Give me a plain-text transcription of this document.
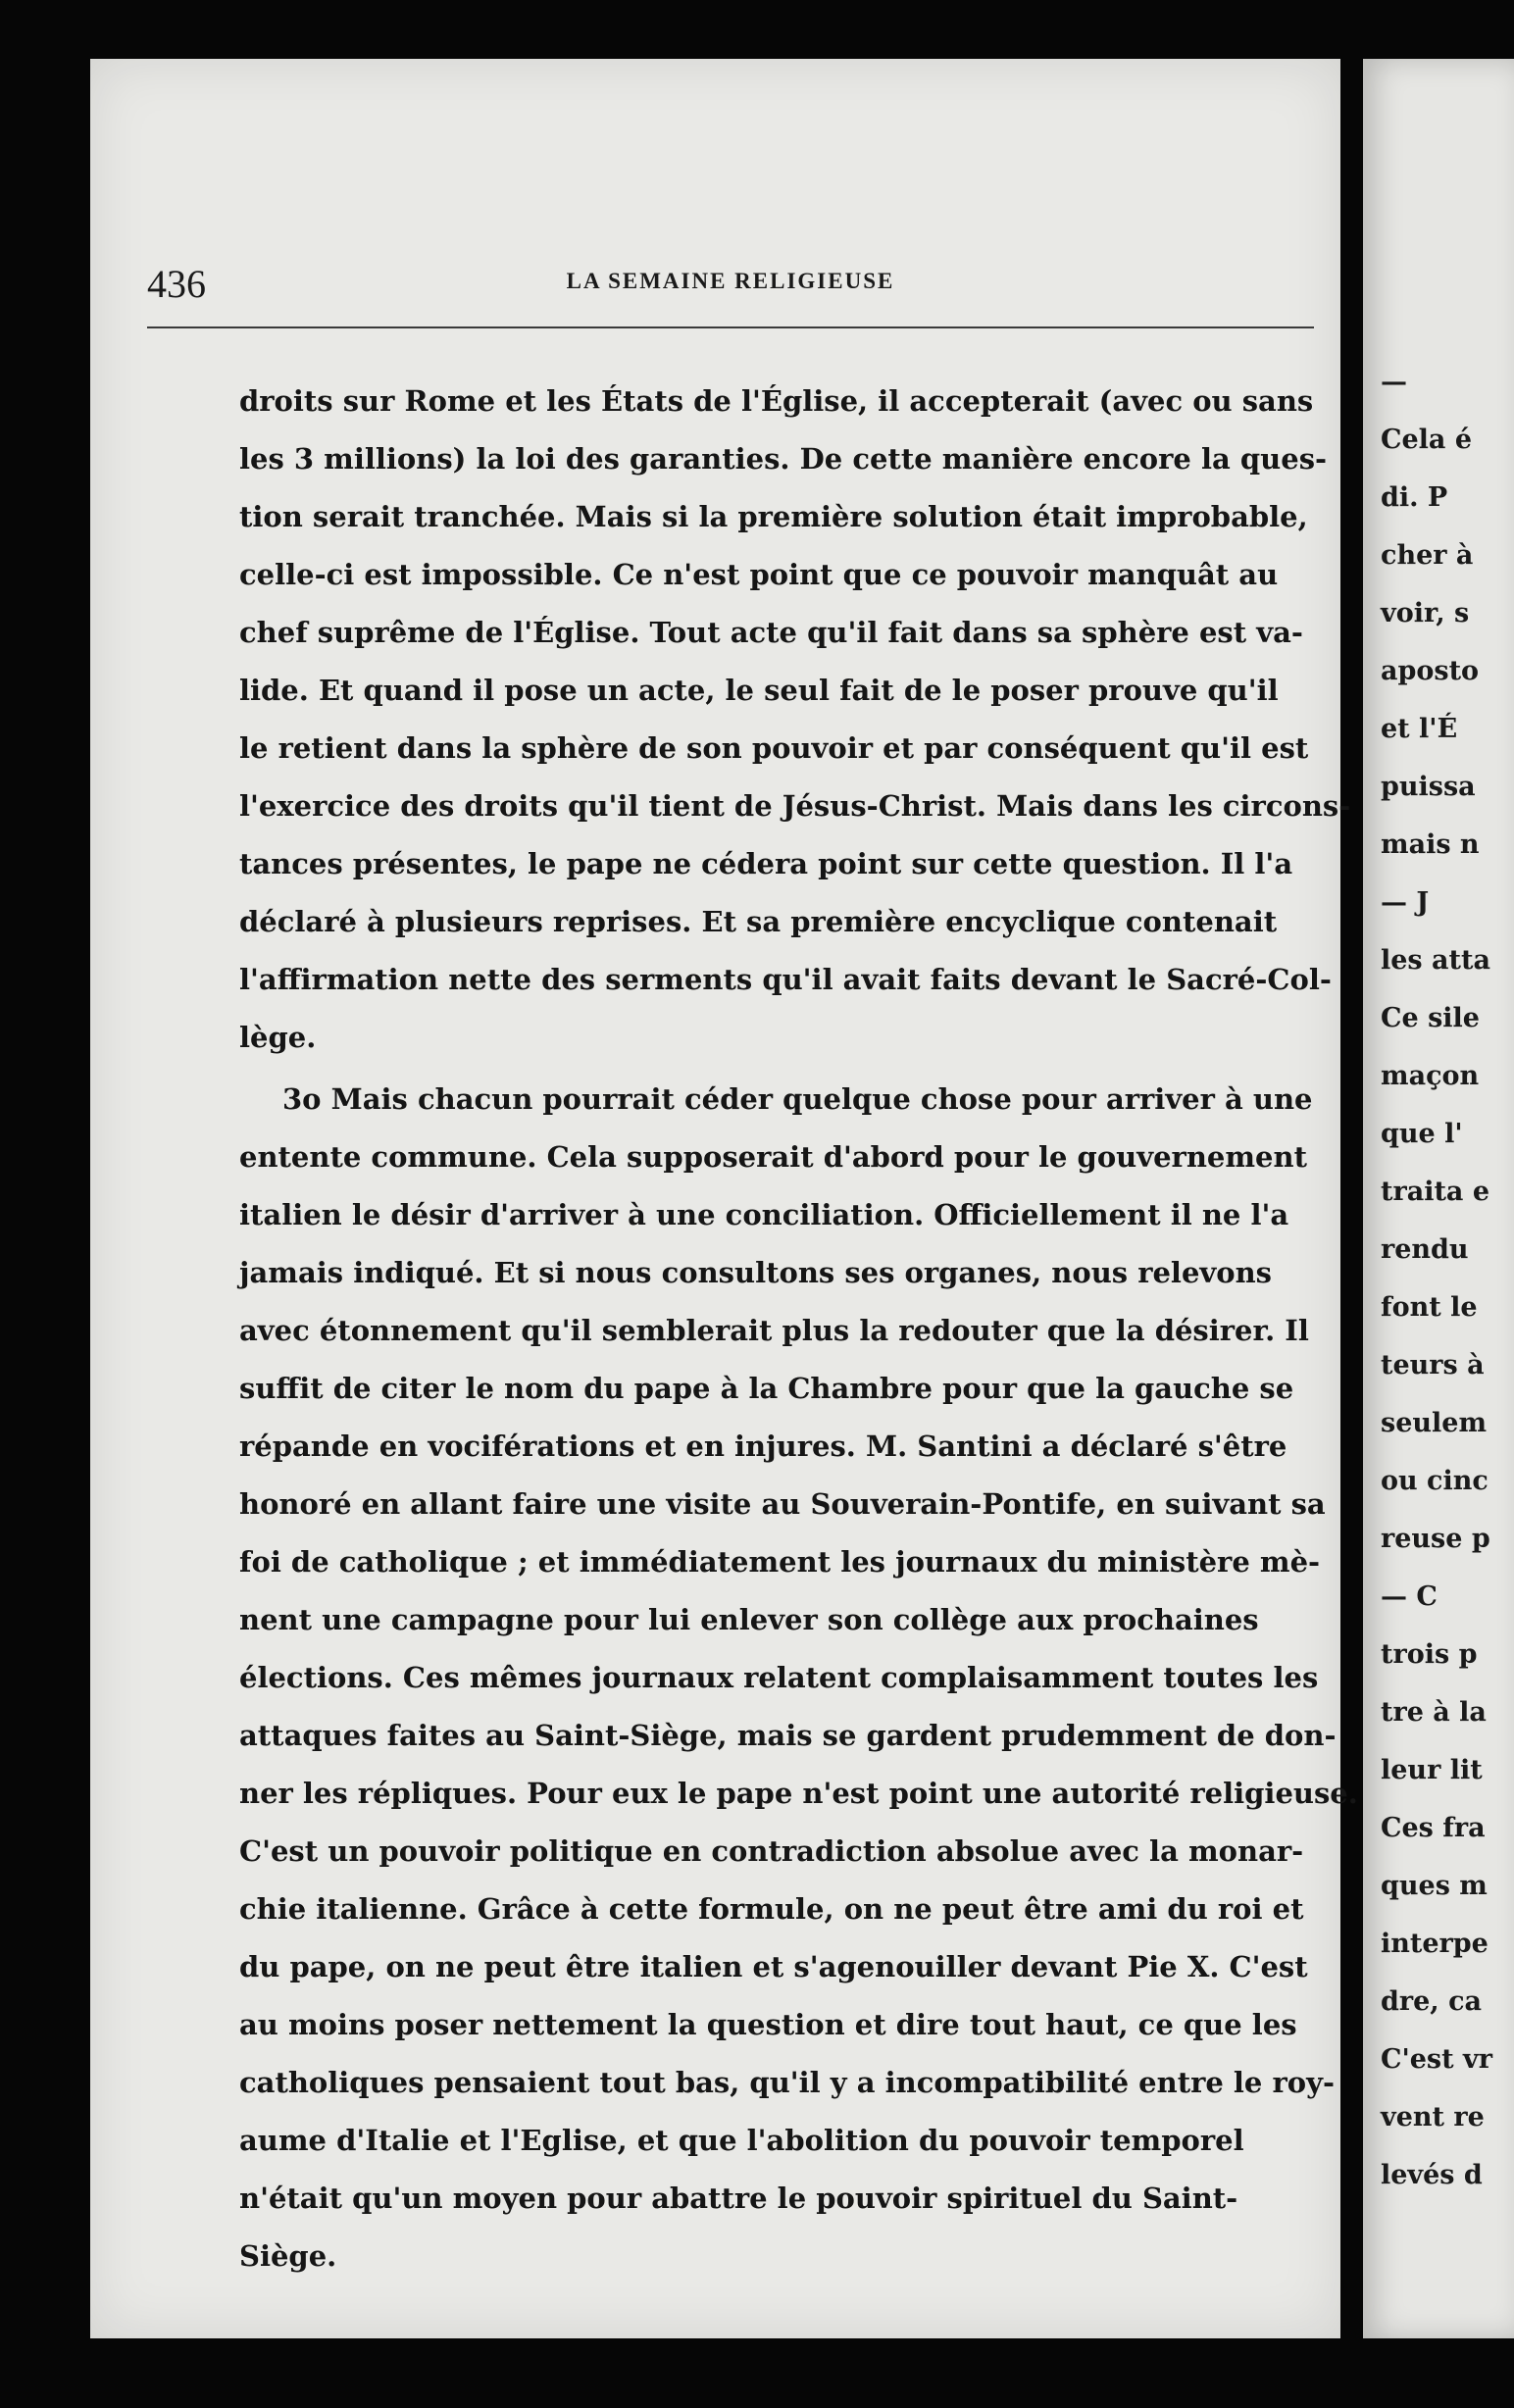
—
Cela é
di. P
cher à
voir, s
aposto
et l'É
puissa
mais n
— J
les atta
Ce sile
maçon
que l'
traita e
rendu
font le
teurs à
seulem
ou cinc
reuse p
— C
trois p
tre à la
leur lit
Ces fra
ques m
interpe
dre, ca
C'est vr
vent re
levés d
436	LA SEMAINE RELIGIEUSE
droits sur Rome et les États de l'Église, il accepterait (avec ou sans
les 3 millions) la loi des garanties. De cette manière encore la ques-
tion serait tranchée. Mais si la première solution était improbable,
celle-ci est impossible. Ce n'est point que ce pouvoir manquât au
chef suprême de l'Église. Tout acte qu'il fait dans sa sphère est va-
lide. Et quand il pose un acte, le seul fait de le poser prouve qu'il
le retient dans la sphère de son pouvoir et par conséquent qu'il est
l'exercice des droits qu'il tient de Jésus-Christ. Mais dans les circons-
tances présentes, le pape ne cédera point sur cette question. Il l'a
déclaré à plusieurs reprises. Et sa première encyclique contenait
l'affirmation nette des serments qu'il avait faits devant le Sacré-Col-
lège.
3o Mais chacun pourrait céder quelque chose pour arriver à une
entente commune. Cela supposerait d'abord pour le gouvernement
italien le désir d'arriver à une conciliation. Officiellement il ne l'a
jamais indiqué. Et si nous consultons ses organes, nous relevons
avec étonnement qu'il semblerait plus la redouter que la désirer. Il
suffit de citer le nom du pape à la Chambre pour que la gauche se
répande en vociférations et en injures. M. Santini a déclaré s'être
honoré en allant faire une visite au Souverain-Pontife, en suivant sa
foi de catholique ; et immédiatement les journaux du ministère mè-
nent une campagne pour lui enlever son collège aux prochaines
élections. Ces mêmes journaux relatent complaisamment toutes les
attaques faites au Saint-Siège, mais se gardent prudemment de don-
ner les répliques. Pour eux le pape n'est point une autorité religieuse.
C'est un pouvoir politique en contradiction absolue avec la monar-
chie italienne. Grâce à cette formule, on ne peut être ami du roi et
du pape, on ne peut être italien et s'agenouiller devant Pie X. C'est
au moins poser nettement la question et dire tout haut, ce que les
catholiques pensaient tout bas, qu'il y a incompatibilité entre le roy-
aume d'Italie et l'Eglise, et que l'abolition du pouvoir temporel
n'était qu'un moyen pour abattre le pouvoir spirituel du Saint-
Siège.
